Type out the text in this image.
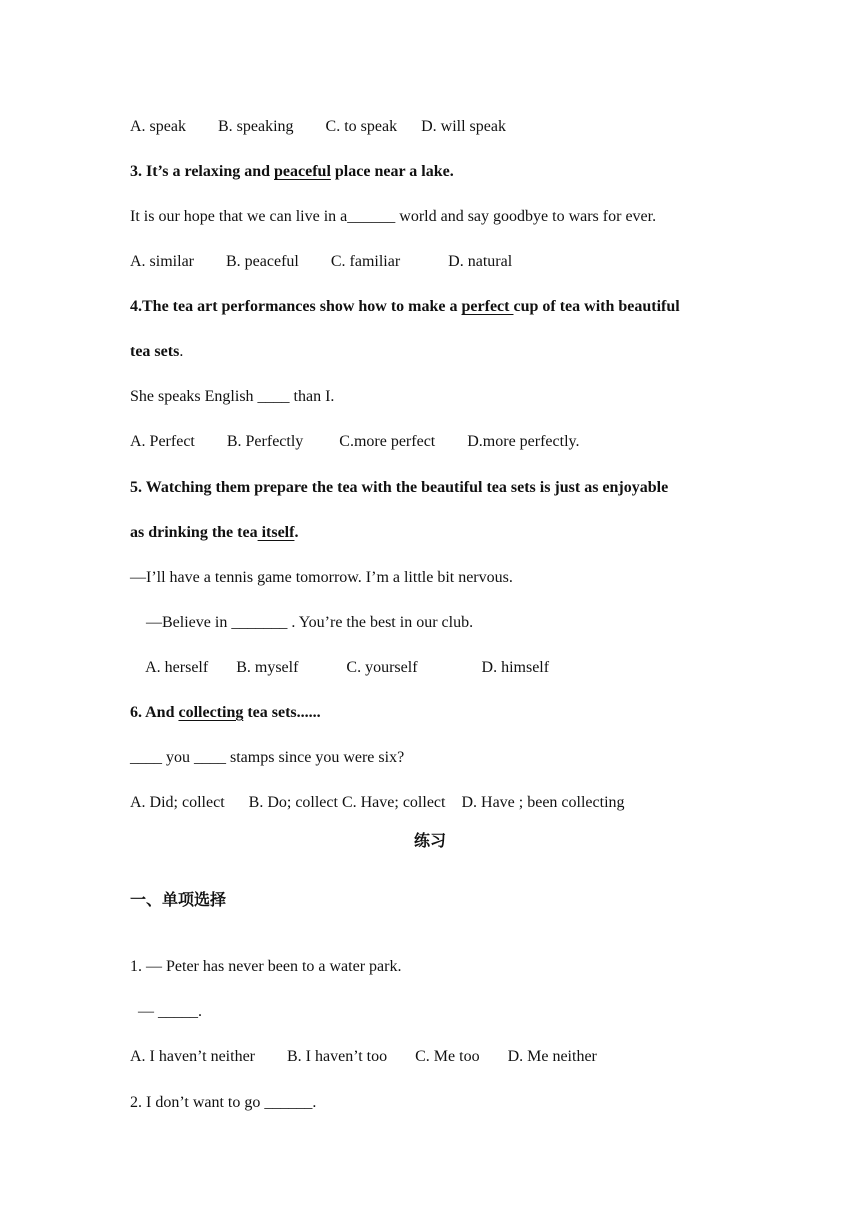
A. speak        B. speaking        C. to speak      D. will speak
3. It’s a relaxing and peaceful place near a lake.
It is our hope that we can live in a______ world and say goodbye to wars for ever.
A. similar        B. peaceful        C. familiar            D. natural
4.The tea art performances show how to make a perfect cup of tea with beautiful
tea sets.
She speaks English ____ than I.
A. Perfect        B. Perfectly         C.more perfect        D.more perfectly.
5. Watching them prepare the tea with the beautiful tea sets is just as enjoyable
as drinking the tea itself.
—I’ll have a tennis game tomorrow. I’m a little bit nervous.
—Believe in _______ . You’re the best in our club.
A. herself       B. myself            C. yourself                D. himself
6. And collecting tea sets......
____ you ____ stamps since you were six?
A. Did; collect      B. Do; collect C. Have; collect    D. Have ; been collecting
练习
一、单项选择
1. — Peter has never been to a water park.
— _____.
A. I haven’t neither        B. I haven’t too       C. Me too       D. Me neither
2. I don’t want to go ______.
